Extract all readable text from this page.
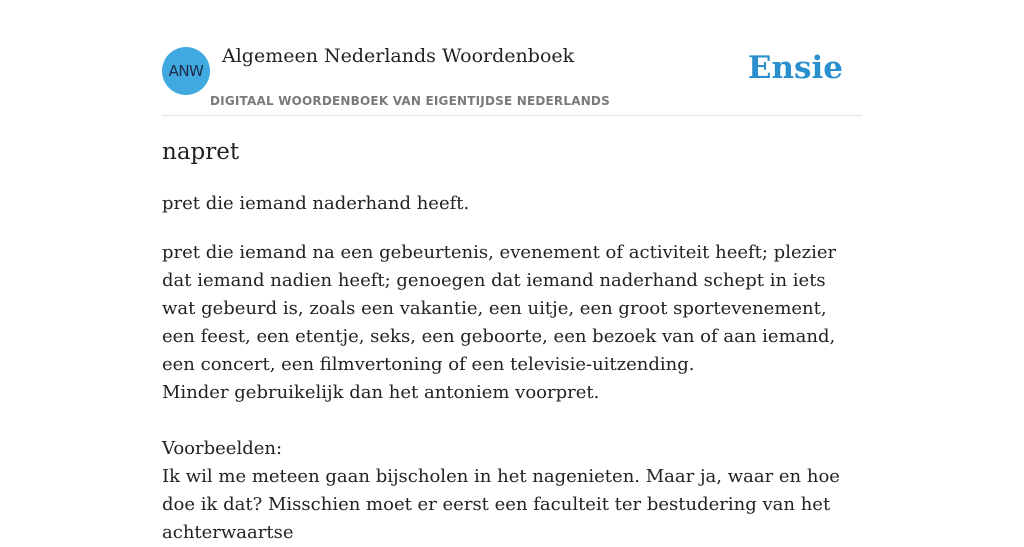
ANW
Algemeen Nederlands Woordenboek
DIGITAAL WOORDENBOEK VAN EIGENTIJDSE NEDERLANDS
Ensie
napret
pret die iemand naderhand heeft.

pret die iemand na een gebeurtenis, evenement of activiteit heeft; plezier dat iemand nadien heeft; genoegen dat iemand naderhand schept in iets wat gebeurd is, zoals een vakantie, een uitje, een groot sportevenement, een feest, een etentje, seks, een geboorte, een bezoek van of aan iemand, een concert, een filmvertoning of een televisie-uitzending.

Minder gebruikelijk dan het antoniem voorpret.

Voorbeelden:

Ik wil me meteen gaan bijscholen in het nagenieten. Maar ja, waar en hoe doe ik dat? Misschien moet er eerst een faculteit ter bestudering van het achterwaartse
